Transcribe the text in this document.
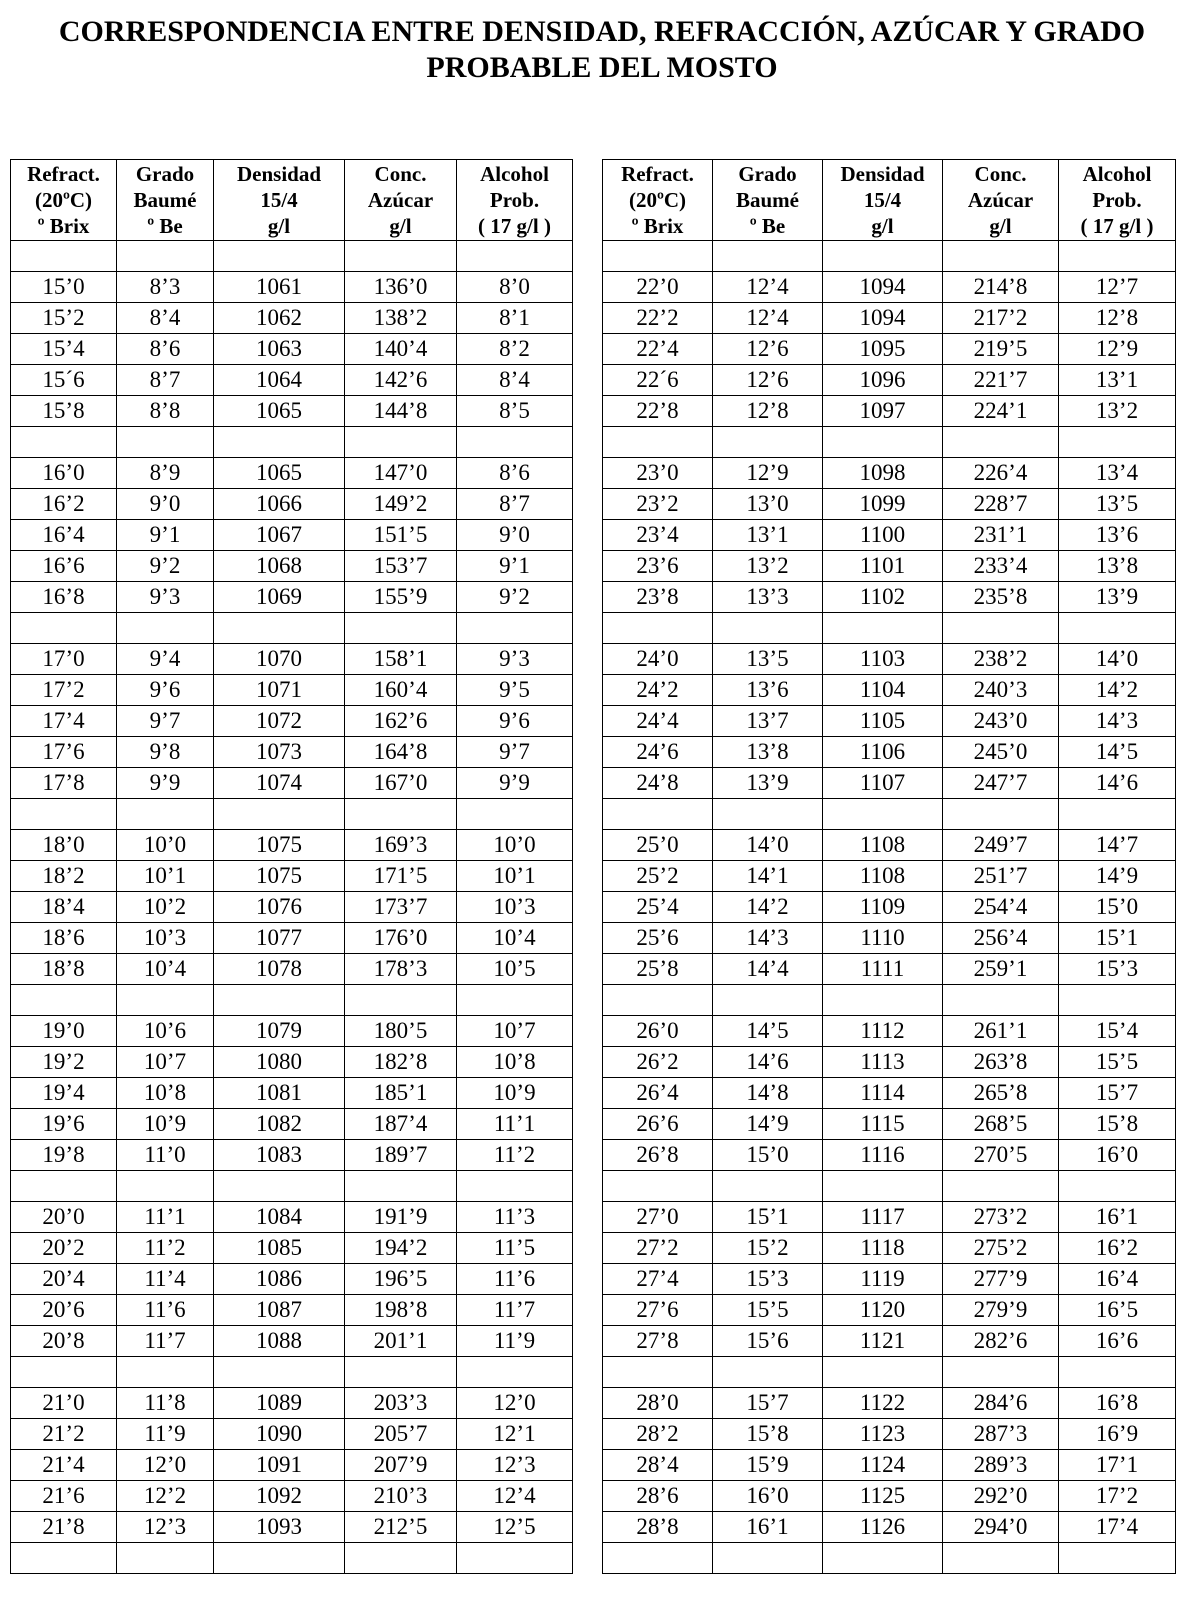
CORRESPONDENCIA ENTRE DENSIDAD, REFRACCIÓN, AZÚCAR Y GRADO
PROBABLE DEL MOSTO
Refract.
(20ºC)
º Brix	Grado
Baumé
º Be	Densidad
15/4
g/l	Conc.
Azúcar
g/l	Alcohol
Prob.
( 17 g/l )		Refract.
(20ºC)
º Brix	Grado
Baumé
º Be	Densidad
15/4
g/l	Conc.
Azúcar
g/l	Alcohol
Prob.
( 17 g/l )

15’0	8’3	1061	136’0	8’0		22’0	12’4	1094	214’8	12’7
15’2	8’4	1062	138’2	8’1		22’2	12’4	1094	217’2	12’8
15’4	8’6	1063	140’4	8’2		22’4	12’6	1095	219’5	12’9
15´6	8’7	1064	142’6	8’4		22´6	12’6	1096	221’7	13’1
15’8	8’8	1065	144’8	8’5		22’8	12’8	1097	224’1	13’2

16’0	8’9	1065	147’0	8’6		23’0	12’9	1098	226’4	13’4
16’2	9’0	1066	149’2	8’7		23’2	13’0	1099	228’7	13’5
16’4	9’1	1067	151’5	9’0		23’4	13’1	1100	231’1	13’6
16’6	9’2	1068	153’7	9’1		23’6	13’2	1101	233’4	13’8
16’8	9’3	1069	155’9	9’2		23’8	13’3	1102	235’8	13’9

17’0	9’4	1070	158’1	9’3		24’0	13’5	1103	238’2	14’0
17’2	9’6	1071	160’4	9’5		24’2	13’6	1104	240’3	14’2
17’4	9’7	1072	162’6	9’6		24’4	13’7	1105	243’0	14’3
17’6	9’8	1073	164’8	9’7		24’6	13’8	1106	245’0	14’5
17’8	9’9	1074	167’0	9’9		24’8	13’9	1107	247’7	14’6

18’0	10’0	1075	169’3	10’0		25’0	14’0	1108	249’7	14’7
18’2	10’1	1075	171’5	10’1		25’2	14’1	1108	251’7	14’9
18’4	10’2	1076	173’7	10’3		25’4	14’2	1109	254’4	15’0
18’6	10’3	1077	176’0	10’4		25’6	14’3	1110	256’4	15’1
18’8	10’4	1078	178’3	10’5		25’8	14’4	1111	259’1	15’3

19’0	10’6	1079	180’5	10’7		26’0	14’5	1112	261’1	15’4
19’2	10’7	1080	182’8	10’8		26’2	14’6	1113	263’8	15’5
19’4	10’8	1081	185’1	10’9		26’4	14’8	1114	265’8	15’7
19’6	10’9	1082	187’4	11’1		26’6	14’9	1115	268’5	15’8
19’8	11’0	1083	189’7	11’2		26’8	15’0	1116	270’5	16’0

20’0	11’1	1084	191’9	11’3		27’0	15’1	1117	273’2	16’1
20’2	11’2	1085	194’2	11’5		27’2	15’2	1118	275’2	16’2
20’4	11’4	1086	196’5	11’6		27’4	15’3	1119	277’9	16’4
20’6	11’6	1087	198’8	11’7		27’6	15’5	1120	279’9	16’5
20’8	11’7	1088	201’1	11’9		27’8	15’6	1121	282’6	16’6

21’0	11’8	1089	203’3	12’0		28’0	15’7	1122	284’6	16’8
21’2	11’9	1090	205’7	12’1		28’2	15’8	1123	287’3	16’9
21’4	12’0	1091	207’9	12’3		28’4	15’9	1124	289’3	17’1
21’6	12’2	1092	210’3	12’4		28’6	16’0	1125	292’0	17’2
21’8	12’3	1093	212’5	12’5		28’8	16’1	1126	294’0	17’4
